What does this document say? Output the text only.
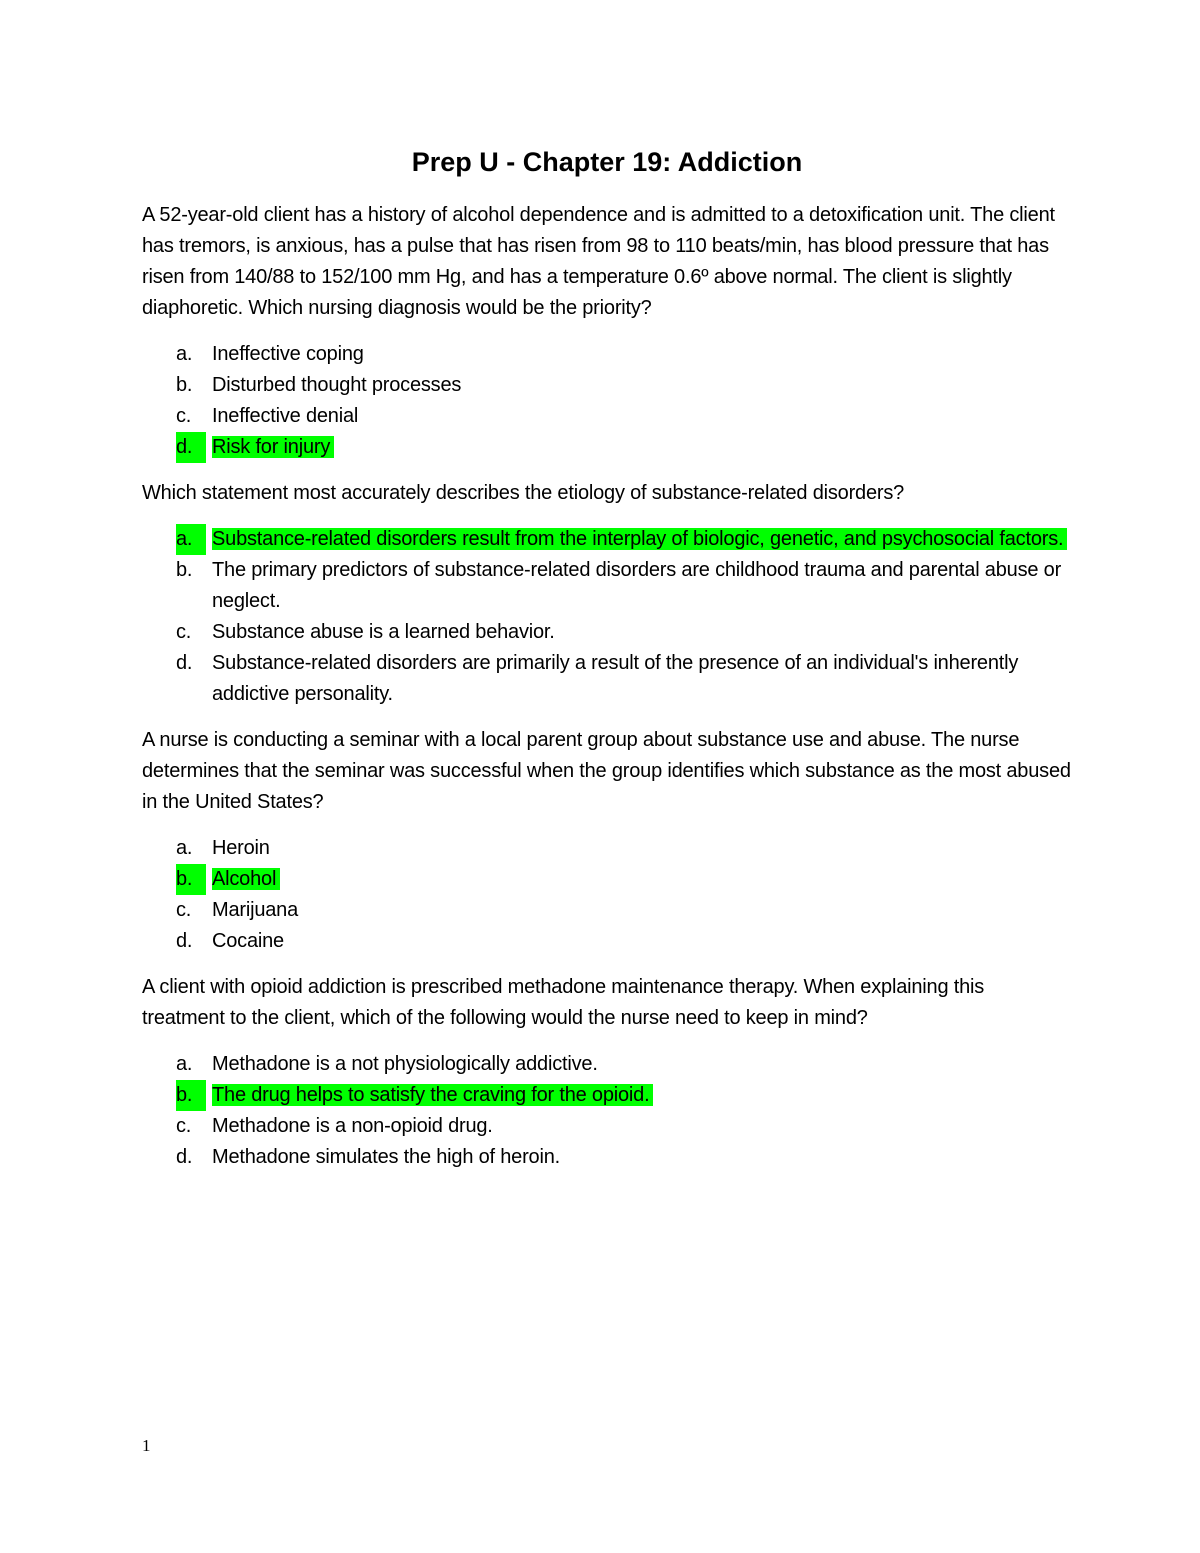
Prep U - Chapter 19: Addiction

A 52-year-old client has a history of alcohol dependence and is admitted to a detoxification unit. The client has tremors, is anxious, has a pulse that has risen from 98 to 110 beats/min, has blood pressure that has risen from 140/88 to 152/100 mm Hg, and has a temperature 0.6º above normal. The client is slightly diaphoretic. Which nursing diagnosis would be the priority?

a. Ineffective coping
b. Disturbed thought processes
c. Ineffective denial
d. Risk for injury

Which statement most accurately describes the etiology of substance-related disorders?

a. Substance-related disorders result from the interplay of biologic, genetic, and psychosocial factors.
b. The primary predictors of substance-related disorders are childhood trauma and parental abuse or neglect.
c. Substance abuse is a learned behavior.
d. Substance-related disorders are primarily a result of the presence of an individual's inherently addictive personality.

A nurse is conducting a seminar with a local parent group about substance use and abuse. The nurse determines that the seminar was successful when the group identifies which substance as the most abused in the United States?

a. Heroin
b. Alcohol
c. Marijuana
d. Cocaine

A client with opioid addiction is prescribed methadone maintenance therapy. When explaining this treatment to the client, which of the following would the nurse need to keep in mind?

a. Methadone is a not physiologically addictive.
b. The drug helps to satisfy the craving for the opioid.
c. Methadone is a non-opioid drug.
d. Methadone simulates the high of heroin.
1
